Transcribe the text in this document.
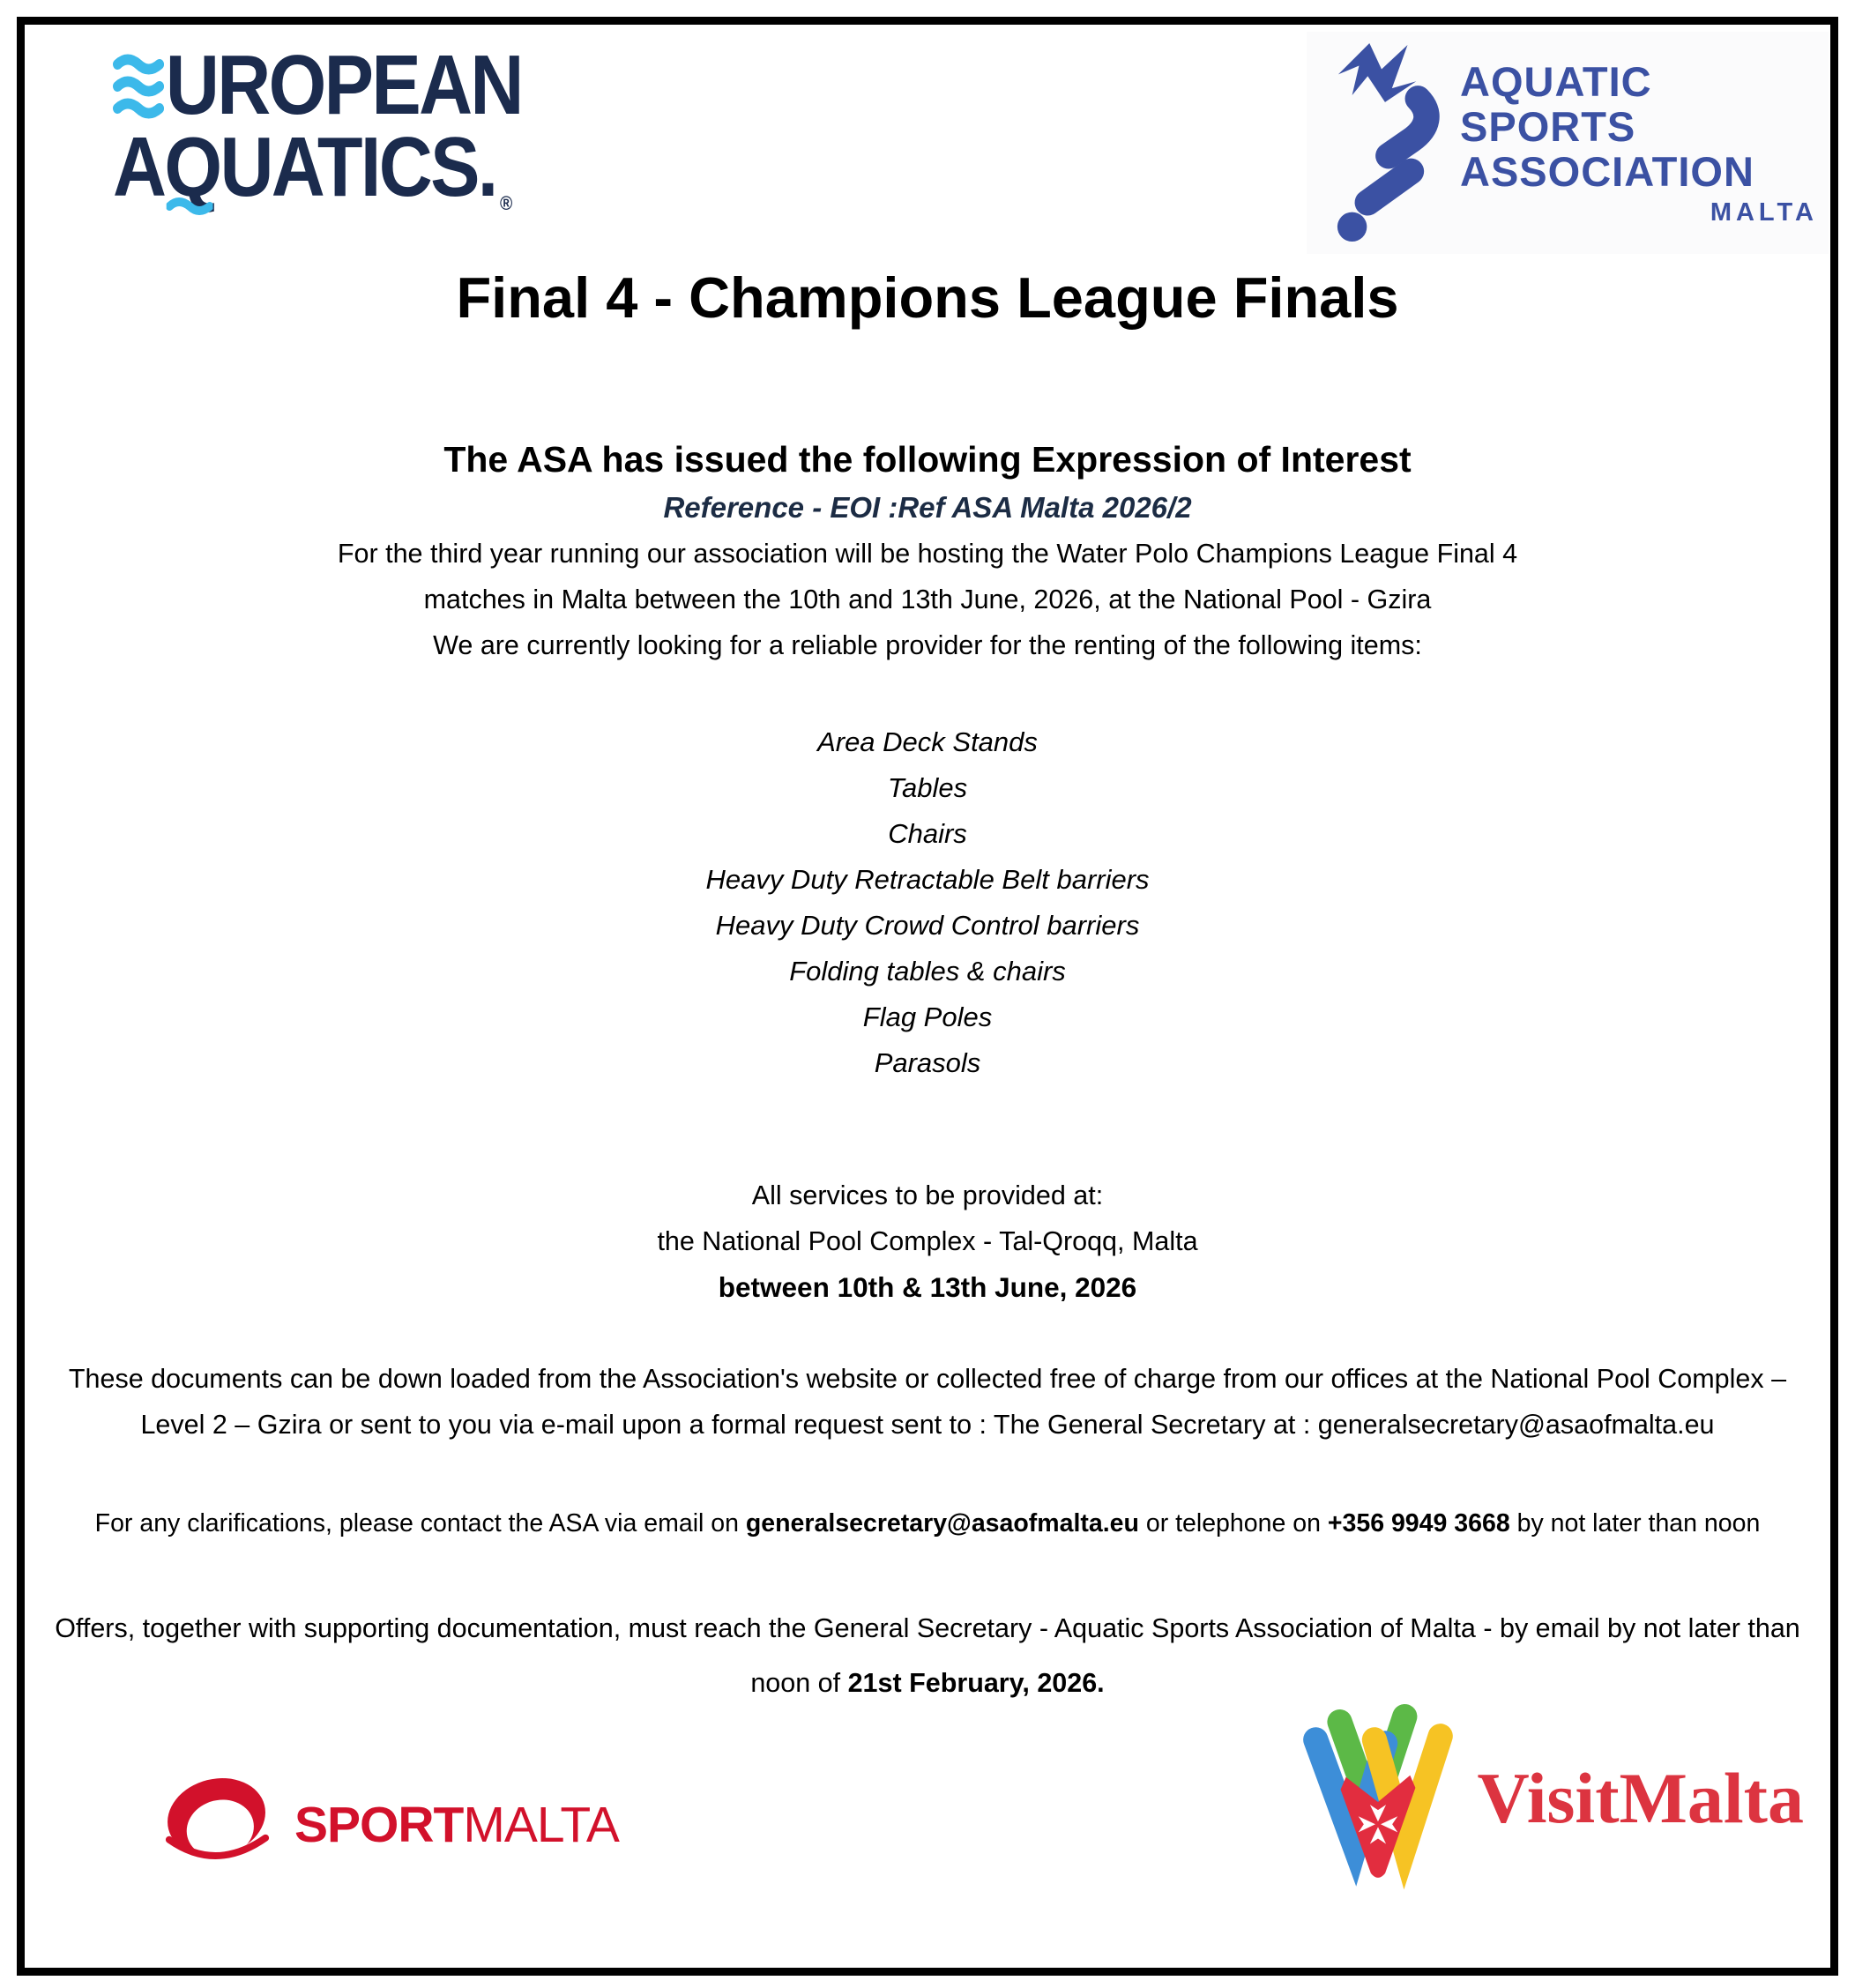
UROPEAN
AQ
UATICS. ®
AQUATIC
SPORTS
ASSOCIATION
MALTA
Final 4 - Champions League Finals
The ASA has issued the following Expression of Interest
Reference - EOI :Ref ASA Malta 2026/2
For the third year running our association will be hosting the Water Polo Champions League Final 4
matches in Malta between the 10th and 13th June, 2026, at the National Pool - Gzira
We are currently looking for a reliable provider for the renting of the following items:
Area Deck Stands
Tables
Chairs
Heavy Duty Retractable Belt barriers
Heavy Duty Crowd Control barriers
Folding tables & chairs
Flag Poles
Parasols
All services to be provided at:
the National Pool Complex - Tal-Qroqq, Malta
between 10th & 13th June, 2026

These documents can be down loaded from the Association's website or collected free of charge from our offices at the National Pool Complex – Level 2 – Gzira or sent to you via e-mail upon a formal request sent to : The General Secretary at : generalsecretary@asaofmalta.eu

For any clarifications, please contact the ASA via email on generalsecretary@asaofmalta.eu or telephone on +356 9949 3668 by not later than noon

Offers, together with supporting documentation, must reach the General Secretary - Aquatic Sports Association of Malta - by email by not later than noon of 21st February, 2026.

SPORTMALTA	VisitMalta
